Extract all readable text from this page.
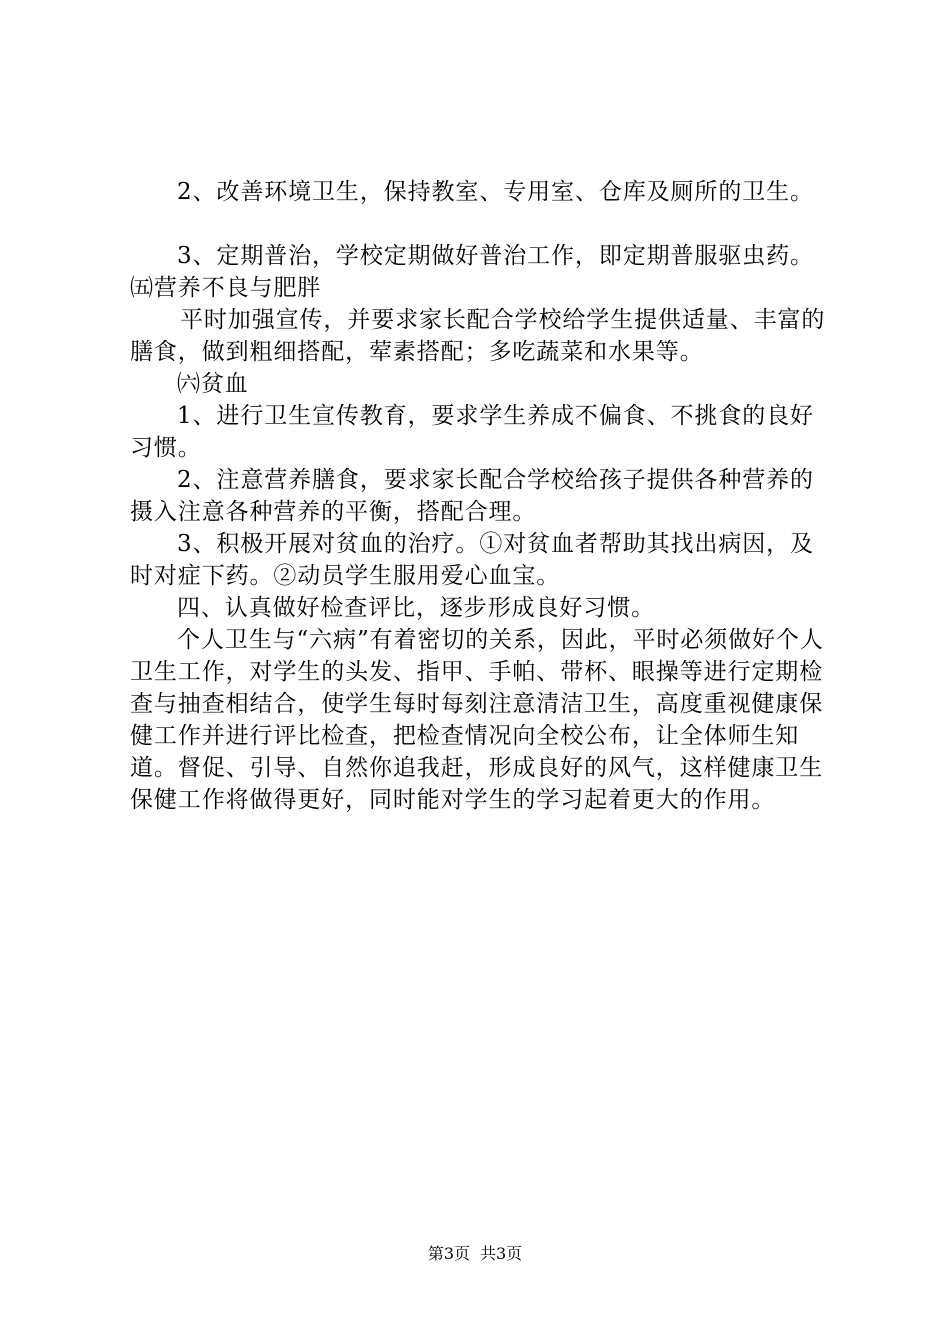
2、改善环境卫生，保持教室、专用室、仓库及厕所的卫生。
3、定期普治，学校定期做好普治工作，即定期普服驱虫药。
㈤营养不良与肥胖
平时加强宣传，并要求家长配合学校给学生提供适量、丰富的膳食，做到粗细搭配，荤素搭配；多吃蔬菜和水果等。
㈥贫血
1、进行卫生宣传教育，要求学生养成不偏食、不挑食的良好习惯。
2、注意营养膳食，要求家长配合学校给孩子提供各种营养的摄入注意各种营养的平衡，搭配合理。
3、积极开展对贫血的治疗。①对贫血者帮助其找出病因，及时对症下药。②动员学生服用爱心血宝。
四、认真做好检查评比，逐步形成良好习惯。
个人卫生与“六病”有着密切的关系，因此，平时必须做好个人卫生工作，对学生的头发、指甲、手帕、带杯、眼操等进行定期检查与抽查相结合，使学生每时每刻注意清洁卫生，高度重视健康保健工作并进行评比检查，把检查情况向全校公布，让全体师生知道。督促、引导、自然你追我赶，形成良好的风气，这样健康卫生保健工作将做得更好，同时能对学生的学习起着更大的作用。
第3页 共3页
